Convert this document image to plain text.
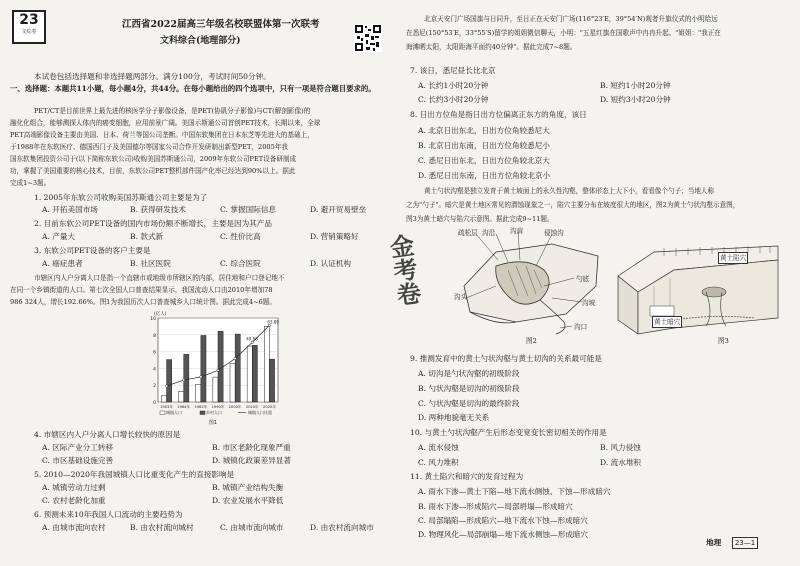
23
文综卷
江西省2022届高三年级名校联盟体第一次联考
文科综合(地理部分)
本试卷包括选择题和非选择题两部分。满分100分，考试时间50分钟。
一、选择题：本题共11小题，每小题4分，共44分。在每小题给出的四个选项中，只有一项是符合题目要求的。
PET/CT是目前世界上最先进的核医学分子影像设备，是PET(协肌分子影像)与CT(解剖影像)的
融化化组合，能够测探人体内的癌变细胞，应用前景广阔。美国示斯通公司首创PET技术，长期以来，全球
PET高端影像设备主要由美国、日本、荷兰等国公司垄断。中国东软集团在日本东芝等先进大的基础上，
于1988年在东软医疗、德国西门子及美国德尔等国家公司合作开发研制出新型PET，2005年我
国东软集团投资公司于(以下简称东软公司)收购美国苏斯通公司，2009年东软公司PET设备研制成
功，掌握了美国重要的核心技术，目前，东软公司PET整机部件国产化率已经达到90%以上。据此
完成1~3题。
1. 2005年东软公司收购美国苏斯通公司主要是为了
A. 开拓美国市场	B. 获得研发技术	C. 掌握国际信息	D. 避开贸易壁垒
2. 目前东软公司PET设备的国内市场份额不断增长，主要是因为其产品
A. 产量大	B. 款式新	C. 性价比高	D. 营销策略好
3. 东软公司PET设备的客户主要是
A. 癌症患者	B. 社区医院	C. 综合医院	D. 认证机构
市辖区内人户分离人口是指一个直辖市或地级市所辖区的内部，居住地和户口登记地不
在同一个乡镇街道的人口。第七次全国人口普查结果显示，我国流动人口由2010年增加78
986 324人，增长192.66%。图1为我国历次人口普查城乡人口统计图。据此完成4~6题。
0
2
4
6
8
10
(亿人)
1953年 1964年 1982年 1990年 2000年 2010年 2020年
63.89
49.68
城镇人口	乡村人口	城镇人口比重
图1
4. 市辖区内人户分离人口增长较快的原因是
A. 区际产业分工转移	B. 市区老龄化现象严重
C. 市区基础设施完善	D. 城镇化政策差异显著
5. 2010—2020年我国城镇人口比重变化产生的直接影响是
A. 城镇劳动力过剩	B. 城镇产业结构失衡
C. 农村老龄化加重	D. 农业发展水平降低
6. 预测未来10年我国人口流动的主要趋势为
A. 由城市流向农村	B. 由农村流向城村	C. 由城市流向城市	D. 由农村流向城市
北京天安门广场国旗与日同升，至日正在天安门广场(116°23′E，39°54′N)观者升旗仪式的小明给远
在悉尼(150°53′E，33°55′S)留学的姐姐微信聊天，小明："五星红旗在国歌声中冉冉升起。"姐姐："我正在
海滩晒太阳，太阳距海平面约40分钟"。据此完成7~8题。
7. 该日，悉尼昼长比北京
A. 长约1小时20分钟	B. 短约1小时20分钟
C. 长约3小时20分钟	D. 短约3小时20分钟
8. 日出方位角是指日出方位偏离正东方的角度，该日
A. 北京日出东北，日出方位角较悉尼大
B. 北京日出东南，日出方位角较悉尼小
C. 悉尼日出东北，日出方位角较北京大
D. 悉尼日出东南，日出方位角较北京小
黄土勺状沟壑是独立发育于黄土坡面上的永久性沟壑，整体形态上大下小，看看像个勺子；当地人称
之为"勺子"。暗穴是黄土地区常见的潜蚀现象之一，陷穴主要分布在坡度很大的地区，图2为黄土勺状沟壑示意图，
图3为黄土暗穴与陷穴示意图。据此完成9~11题。
疏松层 沟沿 沟肩	侵蚀沟
沟头
勺底
沟坡
沟口
图2
黄土陷穴
黄土暗穴
图3
9. 推测发育中的黄土勺状沟壑与黄土切沟的关系最可能是
A. 切沟是勺状沟壑的初级阶段
B. 勺状沟壑是切沟的初级阶段
C. 勺状沟壑是切沟的最终阶段
D. 两种地貌毫无关系
10. 与黄土勺状沟壑产生后形态变宽变长密切相关的作用是
A. 流水侵蚀	B. 风力侵蚀
C. 风力堆积	D. 流水堆积
11. 黄土陷穴和暗穴的发育过程为
A. 雨水下渗—黄土下陷—地下流水侧蚀、下蚀—形成暗穴
B. 雨水下渗—形成陷穴—局部坍塌—形成暗穴
C. 局部塌陷—形成陷穴—地下流水下蚀—形成暗穴
D. 物理风化—局部崩塌—地下流水侧蚀—形成暗穴
金考卷
地理	23—1
